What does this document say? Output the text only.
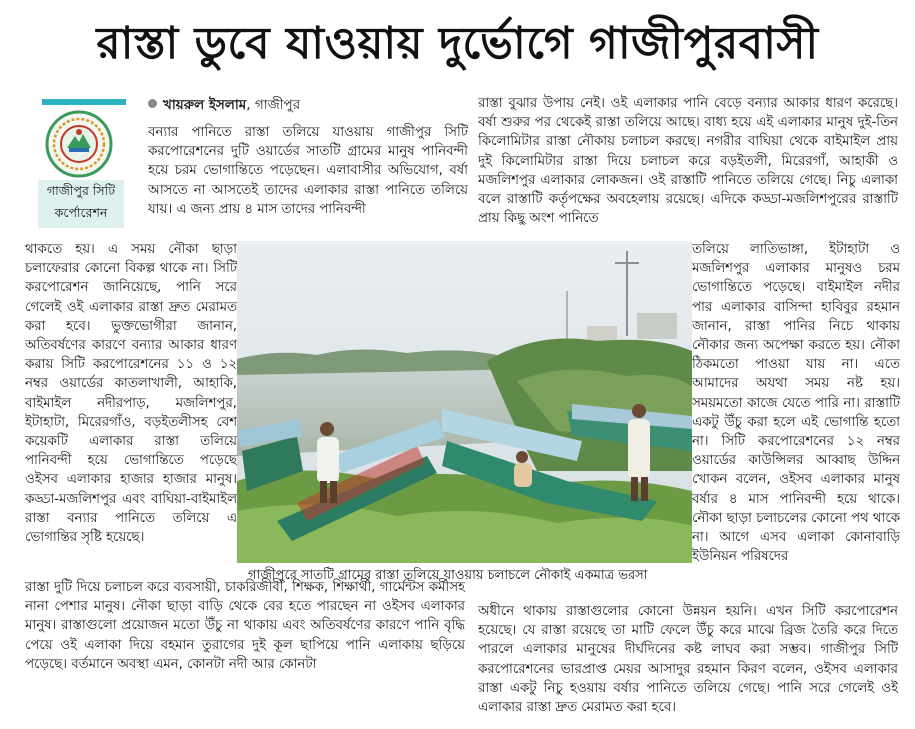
রাস্তা ডুবে যাওয়ায় দুর্ভোগে গাজীপুরবাসী
গাজীপুর সিটি
কর্পোরেশন
খায়রুল ইসলাম, গাজীপুর
বন্যার পানিতে রাস্তা তলিয়ে যাওয়ায় গাজীপুর সিটি করপোরেশনের দুটি ওয়ার্ডের সাতটি গ্রামের মানুষ পানিবন্দী হয়ে চরম ভোগান্তিতে পড়েছেন। এলাবাসীর অভিযোগ, বর্ষা আসতে না আসতেই তাদের এলাকার রাস্তা পানিতে তলিয়ে যায়। এ জন্য প্রায় ৪ মাস তাদের পানিবন্দী
থাকতে হয়। এ সময় নৌকা ছাড়া চলাফেরার কোনো বিকল্প থাকে না। সিটি করপোরেশন জানিয়েছে, পানি সরে গেলেই ওই এলাকার রাস্তা দ্রুত মেরামত করা হবে। ভুক্তভোগীরা জানান, অতিবর্ষণের কারণে বন্যার আকার ধারণ করায় সিটি করপোরেশনের ১১ ও ১২ নম্বর ওয়ার্ডের কাতলাখালী, আহাকি, বাইমাইল নদীরপাড়, মজলিশপুর, ইটাহাটা, মিরেরগাঁও, বড়ইতলীসহ বেশ কয়েকটি এলাকার রাস্তা তলিয়ে পানিবন্দী হয়ে ভোগান্তিতে পড়েছে ওইসব এলাকার হাজার হাজার মানুষ। কড্ডা-মজলিশপুর এবং বাঘিয়া-বাইমাইল রাস্তা বন্যার পানিতে তলিয়ে এ ভোগান্তির সৃষ্টি হয়েছে।
রাস্তা দুটি দিয়ে চলাচল করে ব্যবসায়ী, চাকরিজীবী, শিক্ষক, শিক্ষার্থী, গার্মেন্টস কর্মীসহ নানা পেশার মানুষ। নৌকা ছাড়া বাড়ি থেকে বের হতে পারছেন না ওইসব এলাকার মানুষ। রাস্তাগুলো প্রয়োজন মতো উঁচু না থাকায় এবং অতিবর্ষণের কারণে পানি বৃদ্ধি পেয়ে ওই এলাকা দিয়ে বহমান তুরাগের দুই কূল ছাপিয়ে পানি এলাকায় ছড়িয়ে পড়েছে। বর্তমানে অবস্থা এমন, কোনটা নদী আর কোনটা
রাস্তা বুঝার উপায় নেই। ওই এলাকার পানি বেড়ে বন্যার আকার ধারণ করেছে। বর্ষা শুরুর পর থেকেই রাস্তা তলিয়ে আছে। বাধ্য হয়ে এই এলাকার মানুষ দুই-তিন কিলোমিটার রাস্তা নৌকায় চলাচল করছে। নগরীর বাঘিয়া থেকে বাইমাইল প্রায় দুই কিলোমিটার রাস্তা দিয়ে চলাচল করে বড়ইতলী, মিরেরগাঁ, আহাকী ও মজলিশপুর এলাকার লোকজন। ওই রাস্তাটি পানিতে তলিয়ে গেছে। নিচু এলাকা বলে রাস্তাটি কর্তৃপক্ষের অবহেলায় রয়েছে। এদিকে কড্ডা-মজলিশপুরের রাস্তাটি প্রায় কিছু অংশ পানিতে
তলিয়ে লাতিভাঙ্গা, ইটাহাটা ও মজলিশপুর এলাকার মানুষও চরম ভোগান্তিতে পড়েছে। বাইমাইল নদীর পার এলাকার বাসিন্দা হাবিবুর রহমান জানান, রাস্তা পানির নিচে থাকায় নৌকার জন্য অপেক্ষা করতে হয়। নৌকা ঠিকমতো পাওয়া যায় না। এতে আমাদের অযথা সময় নষ্ট হয়। সময়মতো কাজে যেতে পারি না। রাস্তাটি একটু উঁচু করা হলে এই ভোগান্তি হতো না। সিটি করপোরেশনের ১২ নম্বর ওয়ার্ডের কাউন্সিলর আব্বাছ উদ্দিন খোকন বলেন, ওইসব এলাকার মানুষ বর্ষার ৪ মাস পানিবন্দী হয়ে থাকে। নৌকা ছাড়া চলাচলের কোনো পথ থাকে না। আগে এসব এলাকা কোনাবাড়ি ইউনিয়ন পরিষদের
অধীনে থাকায় রাস্তাগুলোর কোনো উন্নয়ন হয়নি। এখন সিটি করপোরেশন হয়েছে। যে রাস্তা রয়েছে তা মাটি ফেলে উঁচু করে মাঝে ব্রিজ তৈরি করে দিতে পারলে এলাকার মানুষের দীর্ঘদিনের কষ্ট লাঘব করা সম্ভব। গাজীপুর সিটি করপোরেশনের ভারপ্রাপ্ত মেয়র আসাদুর রহমান কিরণ বলেন, ওইসব এলাকার রাস্তা একটু নিচু হওয়ায় বর্ষার পানিতে তলিয়ে গেছে। পানি সরে গেলেই ওই এলাকার রাস্তা দ্রুত মেরামত করা হবে।
গাজীপুরে সাতটি গ্রামের রাস্তা তলিয়ে যাওয়ায় চলাচলে নৌকাই একমাত্র ভরসা
